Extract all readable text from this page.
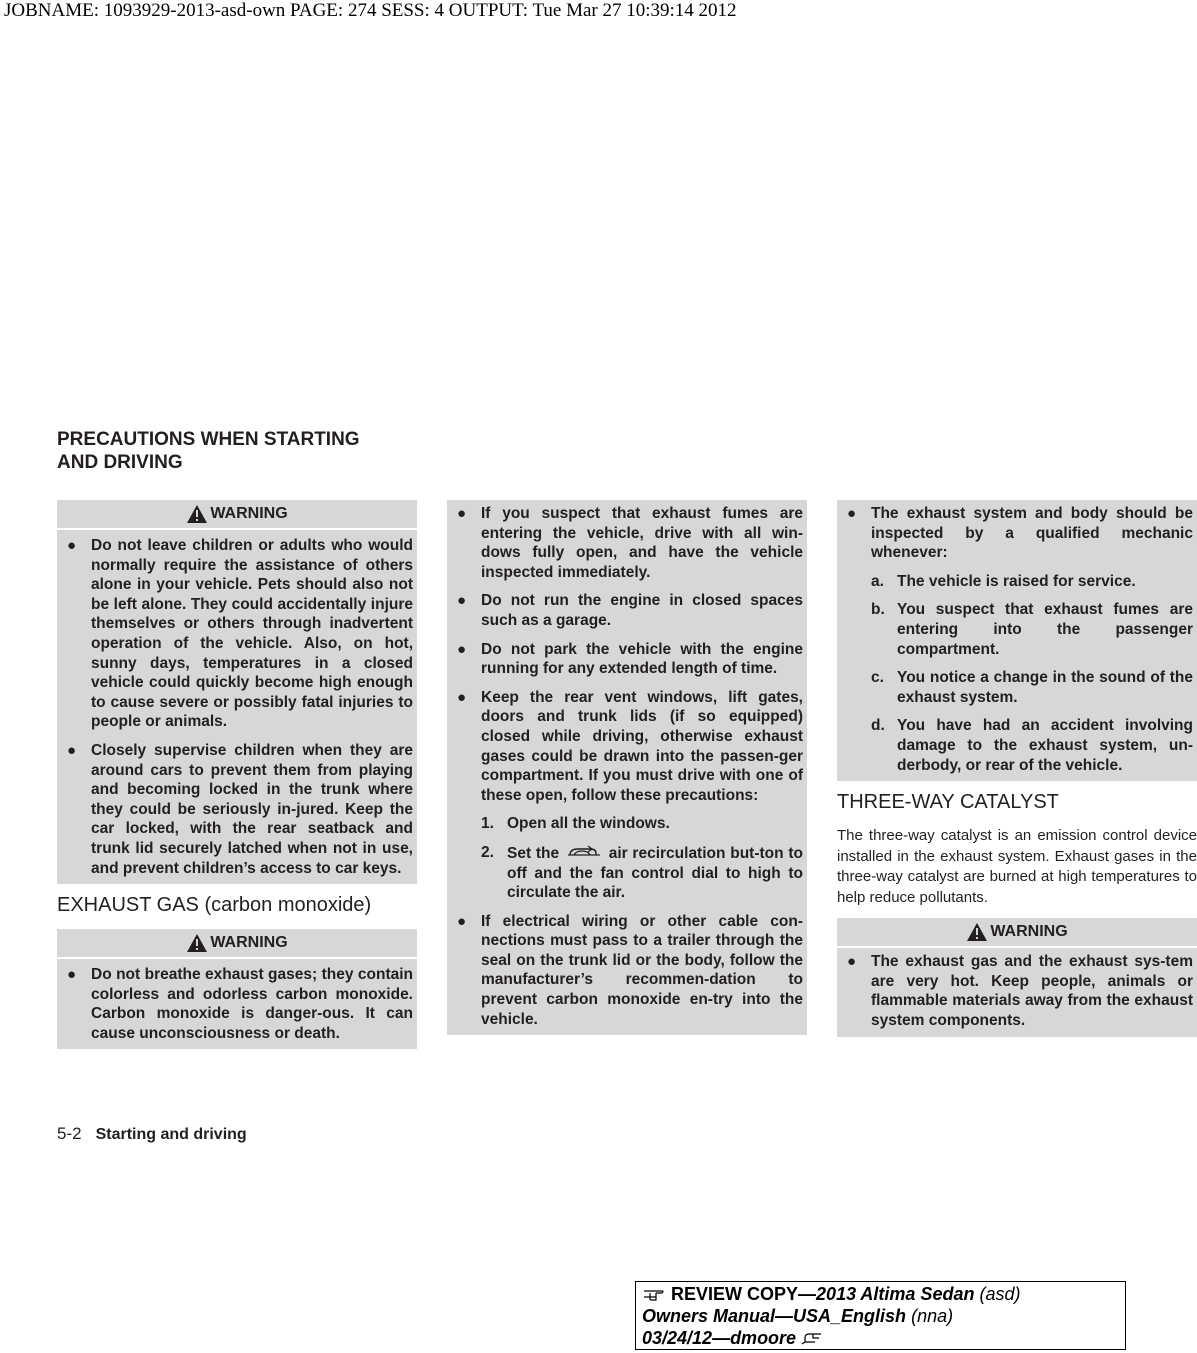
JOBNAME: 1093929-2013-asd-own PAGE: 274 SESS: 4 OUTPUT: Tue Mar 27 10:39:14 2012
PRECAUTIONS WHEN STARTING
AND DRIVING
WARNING
● Do not leave children or adults who would normally require the assistance of others alone in your vehicle. Pets should also not be left alone. They could accidentally injure themselves or others through inadvertent operation of the vehicle. Also, on hot, sunny days, temperatures in a closed vehicle could quickly become high enough to cause severe or possibly fatal injuries to people or animals.
● Closely supervise children when they are around cars to prevent them from playing and becoming locked in the trunk where they could be seriously in-jured. Keep the car locked, with the rear seatback and trunk lid securely latched when not in use, and prevent children’s access to car keys.
EXHAUST GAS (carbon monoxide)
WARNING
● Do not breathe exhaust gases; they contain colorless and odorless carbon monoxide. Carbon monoxide is danger-ous. It can cause unconsciousness or death.
● If you suspect that exhaust fumes are entering the vehicle, drive with all win-dows fully open, and have the vehicle inspected immediately.
● Do not run the engine in closed spaces such as a garage.
● Do not park the vehicle with the engine running for any extended length of time.
● Keep the rear vent windows, lift gates, doors and trunk lids (if so equipped) closed while driving, otherwise exhaust gases could be drawn into the passen-ger compartment. If you must drive with one of these open, follow these precautions:
1. Open all the windows.
2. Set the	air recirculation but-ton to off and the fan control dial to high to circulate the air.
● If electrical wiring or other cable con-nections must pass to a trailer through the seal on the trunk lid or the body, follow the manufacturer’s recommen-dation to prevent carbon monoxide en-try into the vehicle.
● The exhaust system and body should be inspected by a qualified mechanic whenever:
a. The vehicle is raised for service.
b. You suspect that exhaust fumes are entering into the passenger compartment.
c. You notice a change in the sound of the exhaust system.
d. You have had an accident involving damage to the exhaust system, un-derbody, or rear of the vehicle.
THREE-WAY CATALYST
The three-way catalyst is an emission control device installed in the exhaust system. Exhaust gases in the three-way catalyst are burned at high temperatures to help reduce pollutants.
WARNING
● The exhaust gas and the exhaust sys-tem are very hot. Keep people, animals or flammable materials away from the exhaust system components.
5-2 Starting and driving
REVIEW COPY—2013 Altima Sedan (asd)
Owners Manual—USA_English (nna)
03/24/12—dmoore
